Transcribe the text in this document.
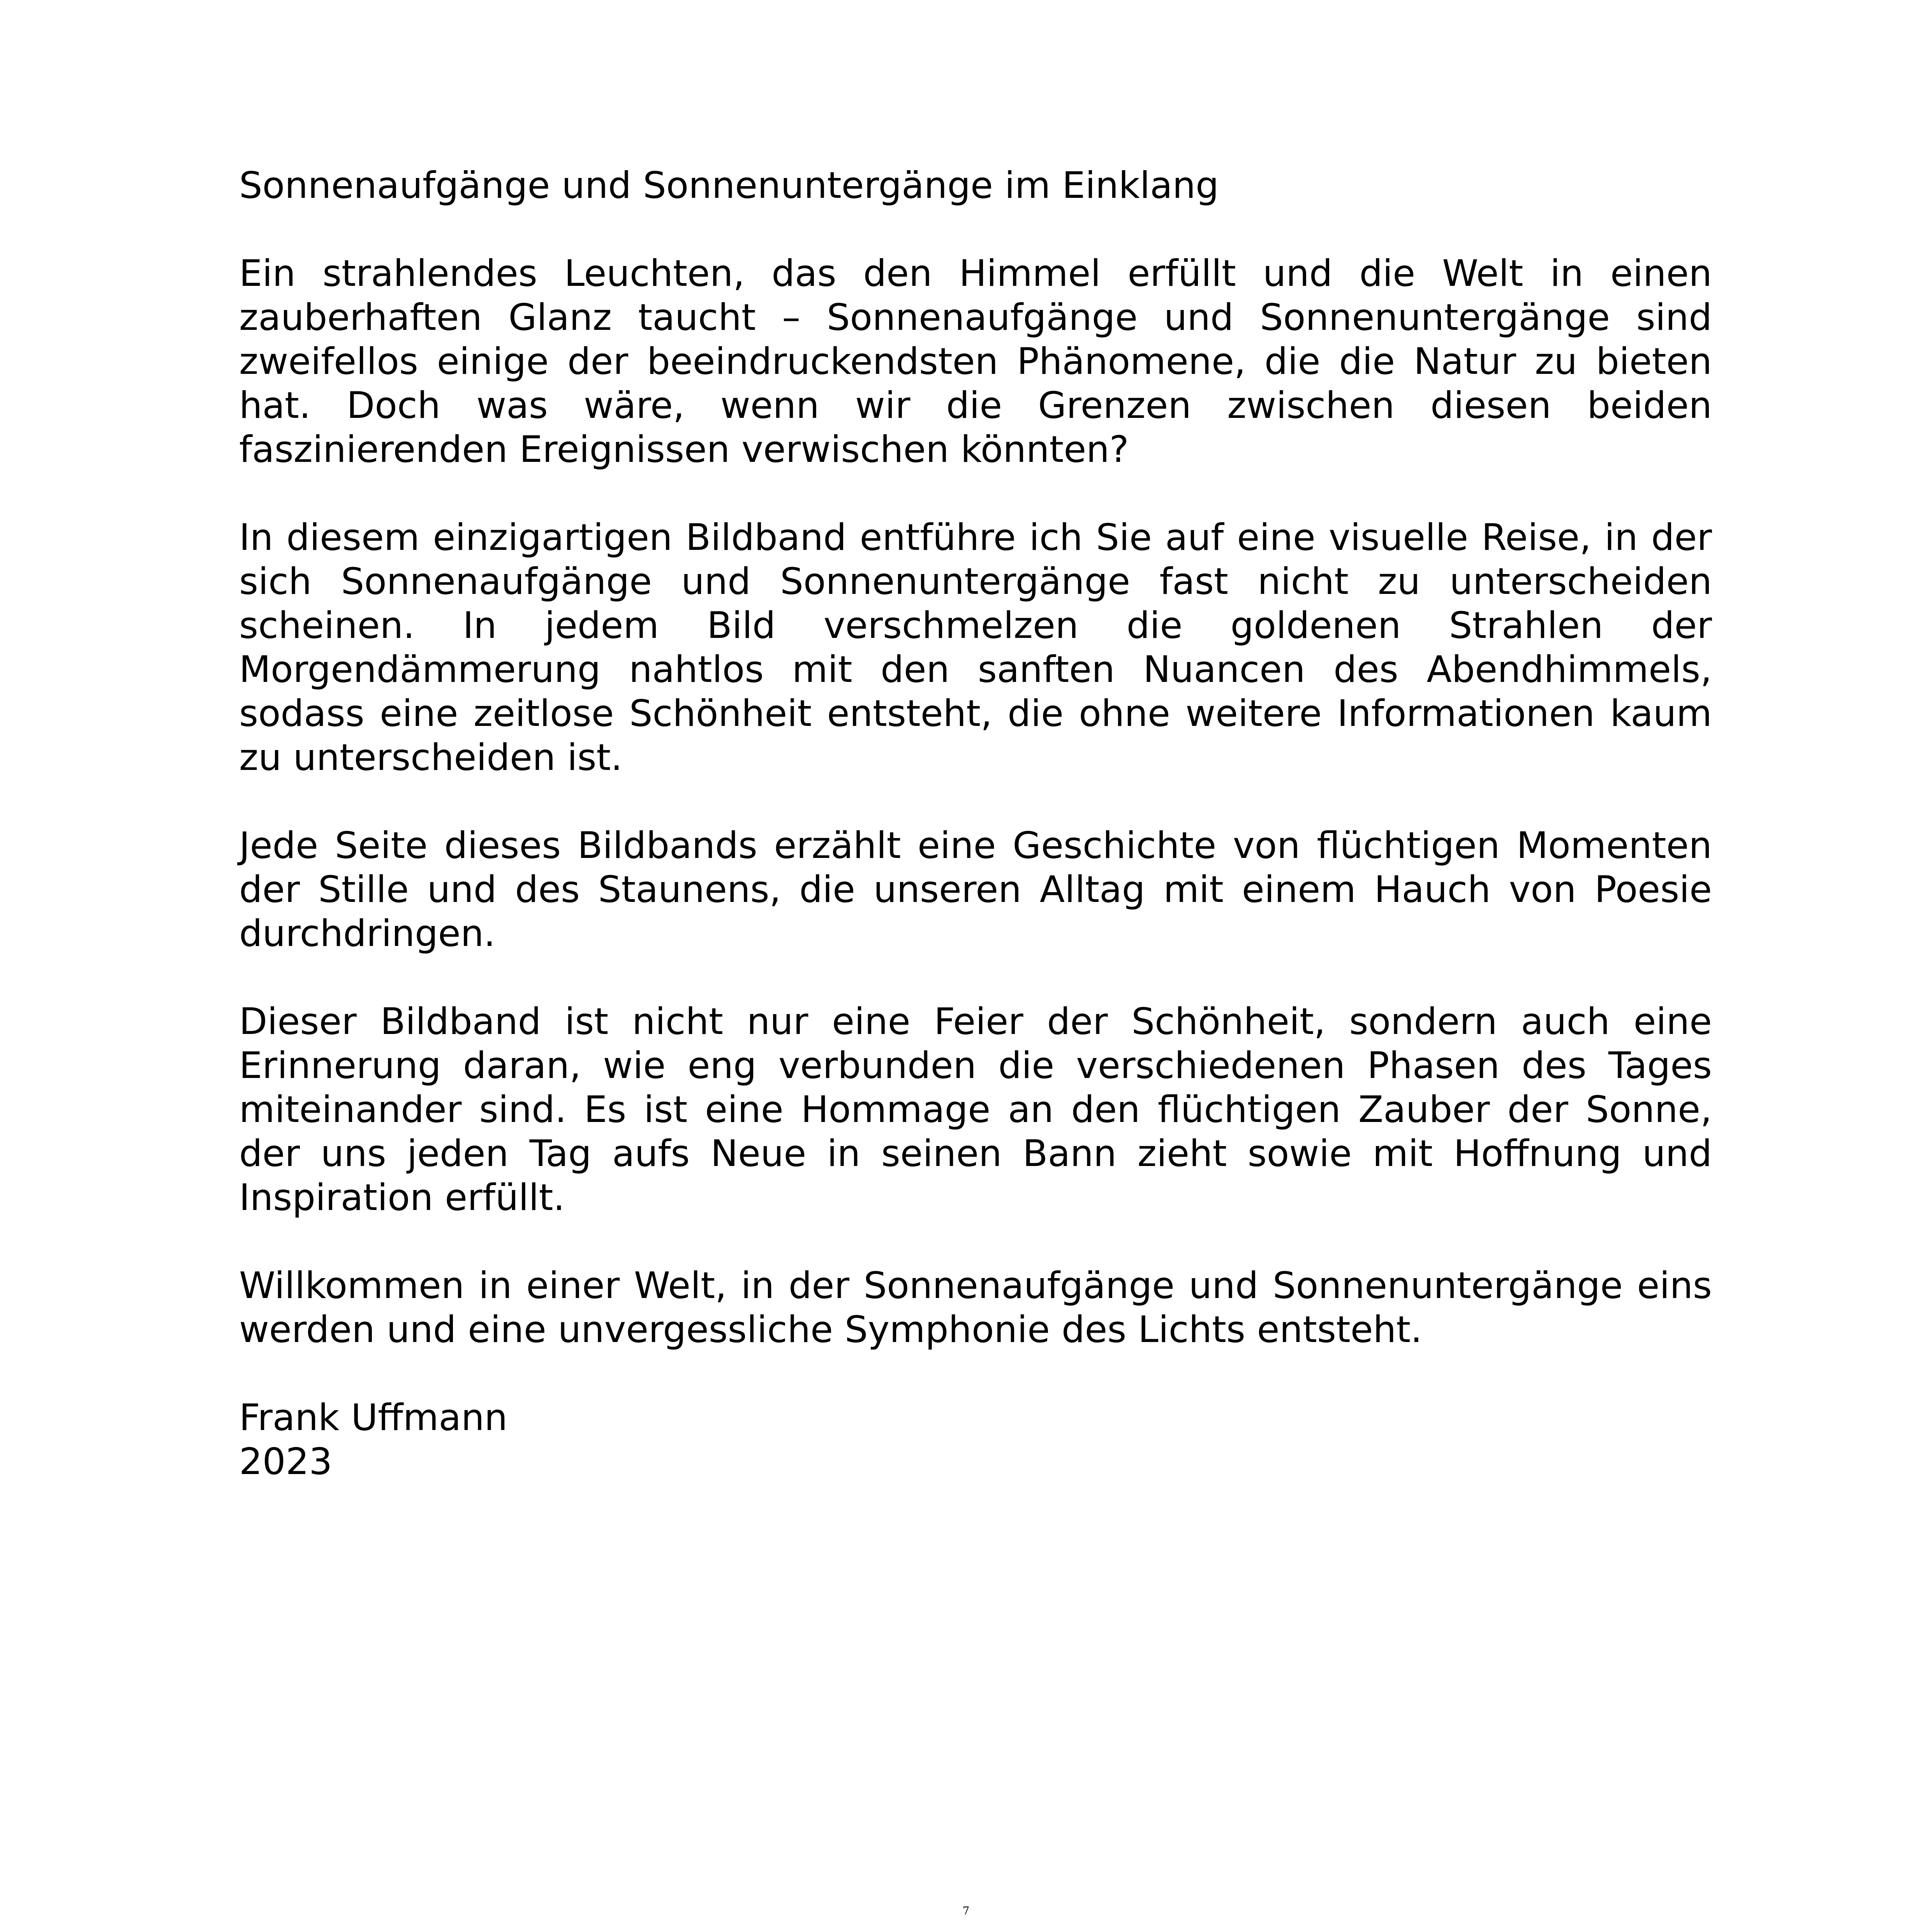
Sonnenaufgänge und Sonnenuntergänge im Einklang

Ein strahlendes Leuchten, das den Himmel erfüllt und die Welt in einen zauberhaften Glanz taucht – Sonnenaufgänge und Sonnenuntergänge sind zweifellos einige der beeindruckendsten Phänomene, die die Natur zu bieten hat. Doch was wäre, wenn wir die Grenzen zwischen diesen beiden faszinierenden Ereignissen verwischen könnten?

In diesem einzigartigen Bildband entführe ich Sie auf eine visuelle Reise, in der sich Sonnenaufgänge und Sonnenuntergänge fast nicht zu unterscheiden scheinen. In jedem Bild verschmelzen die goldenen Strahlen der Morgendämmerung nahtlos mit den sanften Nuancen des Abendhimmels, sodass eine zeitlose Schönheit entsteht, die ohne weitere Informationen kaum zu unterscheiden ist.

Jede Seite dieses Bildbands erzählt eine Geschichte von flüchtigen Momenten der Stille und des Staunens, die unseren Alltag mit einem Hauch von Poesie durchdringen.

Dieser Bildband ist nicht nur eine Feier der Schönheit, sondern auch eine Erinnerung daran, wie eng verbunden die verschiedenen Phasen des Tages miteinander sind. Es ist eine Hommage an den flüchtigen Zauber der Sonne, der uns jeden Tag aufs Neue in seinen Bann zieht sowie mit Hoffnung und Inspiration erfüllt.

Willkommen in einer Welt, in der Sonnenaufgänge und Sonnenuntergänge eins werden und eine unvergessliche Symphonie des Lichts entsteht.

Frank Uffmann
2023

7
